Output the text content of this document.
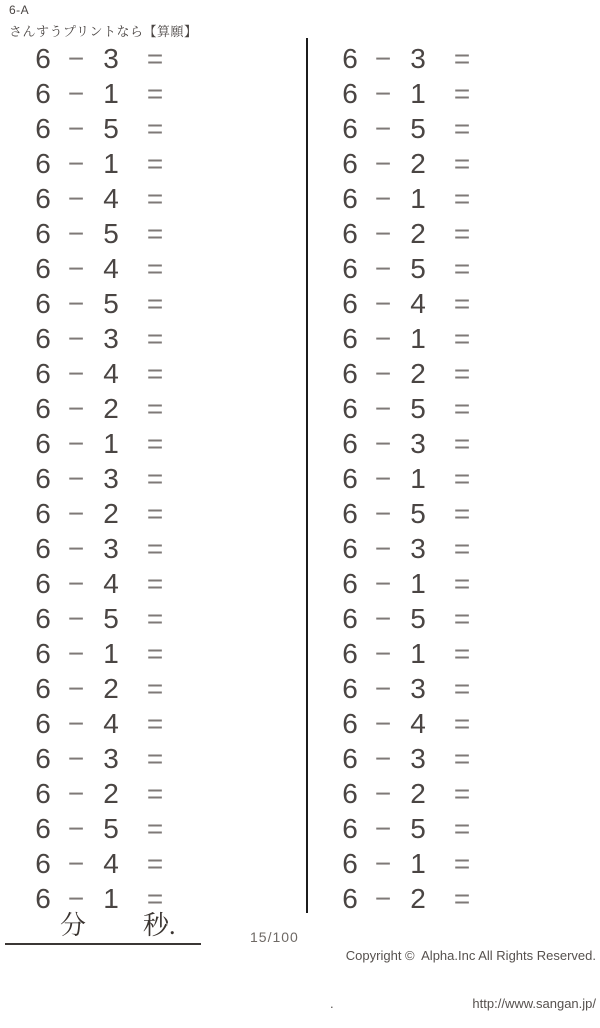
6-A
さんすうプリントなら【算願】
6 − 3	=
6 − 1	=
6 − 5	=
6 − 1	=
6 − 4	=
6 − 5	=
6 − 4	=
6 − 5	=
6 − 3	=
6 − 4	=
6 − 2	=
6 − 1	=
6 − 3	=
6 − 2	=
6 − 3	=
6 − 4	=
6 − 5	=
6 − 1	=
6 − 2	=
6 − 4	=
6 − 3	=
6 − 2	=
6 − 5	=
6 − 4	=
6 − 1	=
6 − 3	=
6 − 1	=
6 − 5	=
6 − 2	=
6 − 1	=
6 − 2	=
6 − 5	=
6 − 4	=
6 − 1	=
6 − 2	=
6 − 5	=
6 − 3	=
6 − 1	=
6 − 5	=
6 − 3	=
6 − 1	=
6 − 5	=
6 − 1	=
6 − 3	=
6 − 4	=
6 − 3	=
6 − 2	=
6 − 5	=
6 − 1	=
6 − 2	=
分 秒.	15/100

Copyright ©  Alpha.Inc All Rights Reserved.

.	http://www.sangan.jp/
